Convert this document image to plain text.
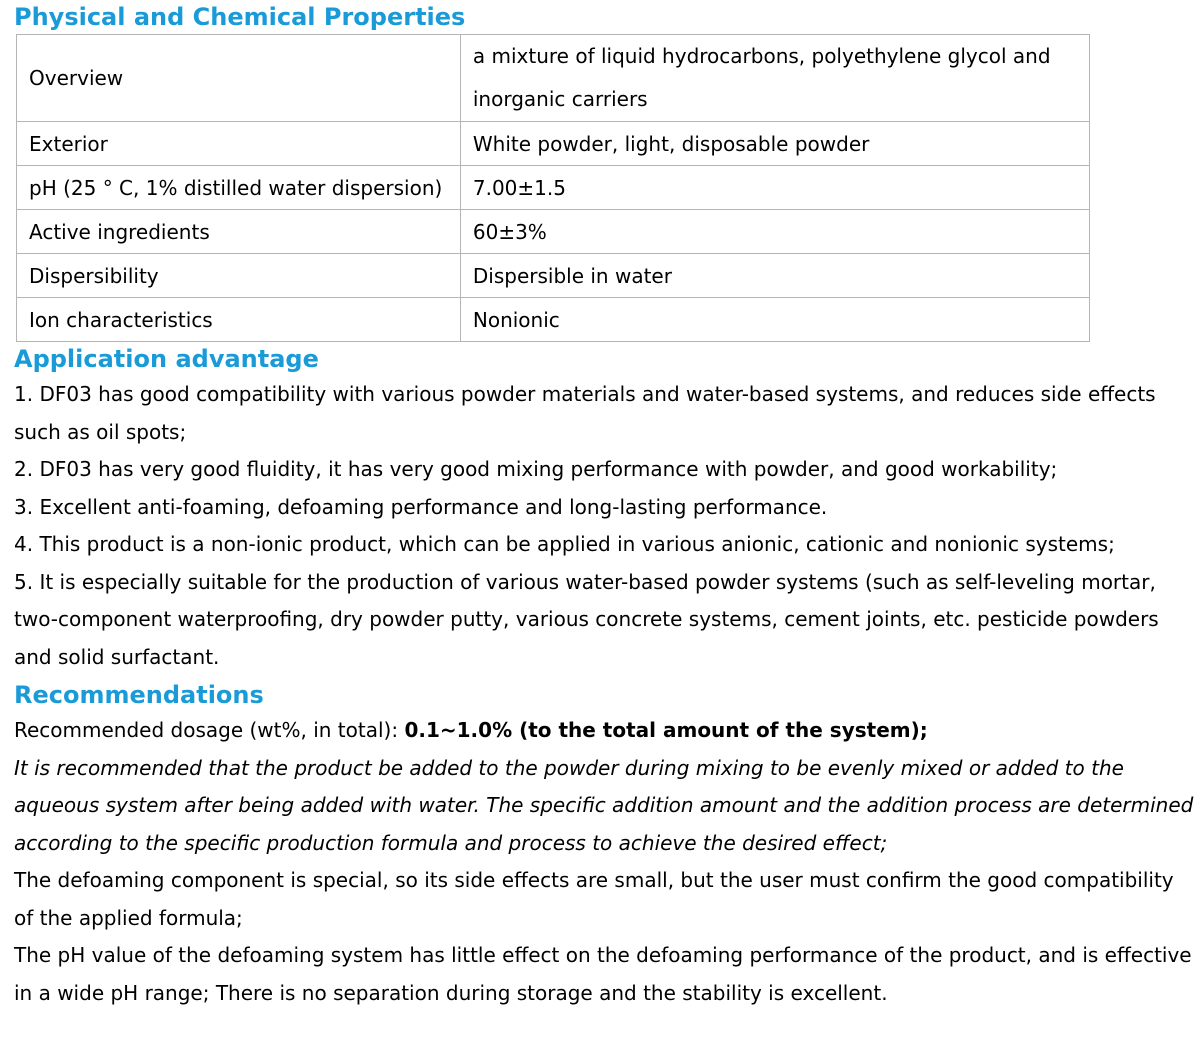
Physical and Chemical Properties
Overview	a mixture of liquid hydrocarbons, polyethylene glycol and inorganic carriers
Exterior	White powder, light, disposable powder
pH (25 ° C, 1% distilled water dispersion)	7.00±1.5
Active ingredients	60±3%
Dispersibility	Dispersible in water
Ion characteristics	Nonionic
Application advantage

1. DF03 has good compatibility with various powder materials and water-based systems, and reduces side effects such as oil spots;

2. DF03 has very good fluidity, it has very good mixing performance with powder, and good workability;

3. Excellent anti-foaming, defoaming performance and long-lasting performance.

4. This product is a non-ionic product, which can be applied in various anionic, cationic and nonionic systems;

5. It is especially suitable for the production of various water-based powder systems (such as self-leveling mortar, two-component waterproofing, dry powder putty, various concrete systems, cement joints, etc. pesticide powders and solid surfactant.

Recommendations

Recommended dosage (wt%, in total): 0.1~1.0% (to the total amount of the system);

It is recommended that the product be added to the powder during mixing to be evenly mixed or added to the aqueous system after being added with water. The specific addition amount and the addition process are determined according to the specific production formula and process to achieve the desired effect;

The defoaming component is special, so its side effects are small, but the user must confirm the good compatibility of the applied formula;

The pH value of the defoaming system has little effect on the defoaming performance of the product, and is effective in a wide pH range; There is no separation during storage and the stability is excellent.
